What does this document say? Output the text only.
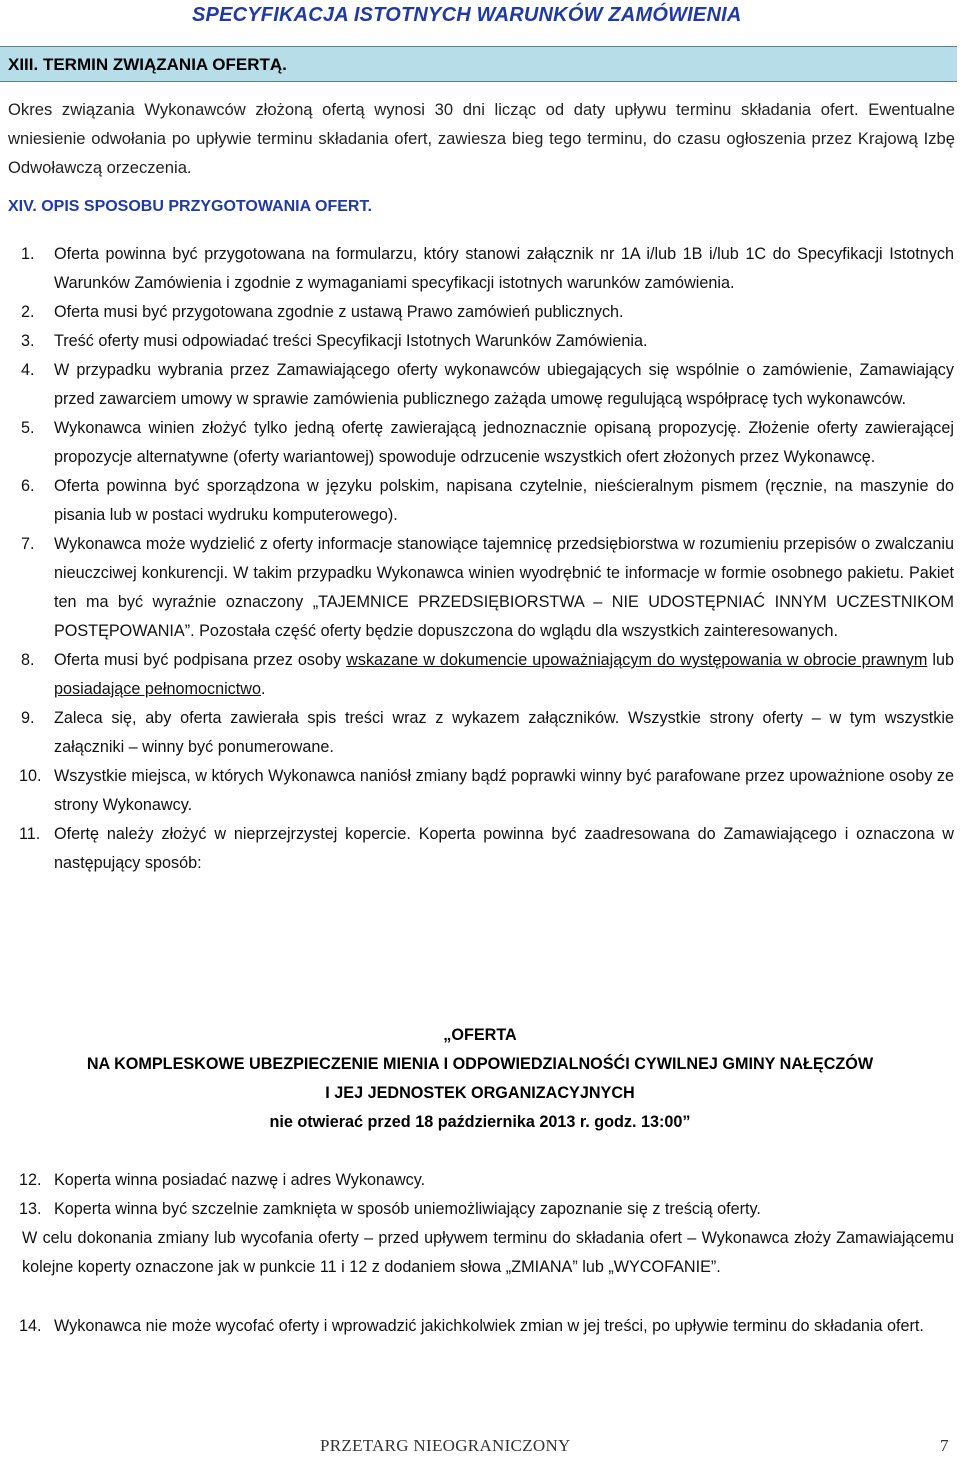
SPECYFIKACJA ISTOTNYCH WARUNKÓW ZAMÓWIENIA
XIII. TERMIN ZWIĄZANIA OFERTĄ.
Okres związania Wykonawców złożoną ofertą wynosi 30 dni licząc od daty upływu terminu składania ofert. Ewentualne wniesienie odwołania po upływie terminu składania ofert, zawiesza bieg tego terminu, do czasu ogłoszenia przez Krajową Izbę Odwoławczą orzeczenia.
XIV. OPIS SPOSOBU PRZYGOTOWANIA OFERT.
1. Oferta powinna być przygotowana na formularzu, który stanowi załącznik nr 1A i/lub 1B i/lub 1C do Specyfikacji Istotnych Warunków Zamówienia i zgodnie z wymaganiami specyfikacji istotnych warunków zamówienia.
2. Oferta musi być przygotowana zgodnie z ustawą Prawo zamówień publicznych.
3. Treść oferty musi odpowiadać treści Specyfikacji Istotnych Warunków Zamówienia.
4. W przypadku wybrania przez Zamawiającego oferty wykonawców ubiegających się wspólnie o zamówienie, Zamawiający przed zawarciem umowy w sprawie zamówienia publicznego zażąda umowę regulującą współpracę tych wykonawców.
5. Wykonawca winien złożyć tylko jedną ofertę zawierającą jednoznacznie opisaną propozycję. Złożenie oferty zawierającej propozycje alternatywne (oferty wariantowej) spowoduje odrzucenie wszystkich ofert złożonych przez Wykonawcę.
6. Oferta powinna być sporządzona w języku polskim, napisana czytelnie, nieścieralnym pismem (ręcznie, na maszynie do pisania lub w postaci wydruku komputerowego).
7. Wykonawca może wydzielić z oferty informacje stanowiące tajemnicę przedsiębiorstwa w rozumieniu przepisów o zwalczaniu nieuczciwej konkurencji. W takim przypadku Wykonawca winien wyodrębnić te informacje w formie osobnego pakietu. Pakiet ten ma być wyraźnie oznaczony „TAJEMNICE PRZEDSIĘBIORSTWA – NIE UDOSTĘPNIAĆ INNYM UCZESTNIKOM POSTĘPOWANIA”. Pozostała część oferty będzie dopuszczona do wglądu dla wszystkich zainteresowanych.
8. Oferta musi być podpisana przez osoby wskazane w dokumencie upoważniającym do występowania w obrocie prawnym lub posiadające pełnomocnictwo.
9. Zaleca się, aby oferta zawierała spis treści wraz z wykazem załączników. Wszystkie strony oferty – w tym wszystkie załączniki – winny być ponumerowane.
10. Wszystkie miejsca, w których Wykonawca naniósł zmiany bądź poprawki winny być parafowane przez upoważnione osoby ze strony Wykonawcy.
11. Ofertę należy złożyć w nieprzejrzystej kopercie. Koperta powinna być zaadresowana do Zamawiającego i oznaczona w następujący sposób:
„OFERTA
NA KOMPLESKOWE UBEZPIECZENIE MIENIA I ODPOWIEDZIALNOŚĆI CYWILNEJ GMINY NAŁĘCZÓW
I JEJ JEDNOSTEK ORGANIZACYJNYCH
nie otwierać przed 18 października 2013 r. godz. 13:00”
12. Koperta winna posiadać nazwę i adres Wykonawcy.
13. Koperta winna być szczelnie zamknięta w sposób uniemożliwiający zapoznanie się z treścią oferty.
W celu dokonania zmiany lub wycofania oferty – przed upływem terminu do składania ofert – Wykonawca złoży Zamawiającemu kolejne koperty oznaczone jak w punkcie 11 i 12 z dodaniem słowa „ZMIANA” lub „WYCOFANIE”.
14. Wykonawca nie może wycofać oferty i wprowadzić jakichkolwiek zmian w jej treści, po upływie terminu do składania ofert.
PRZETARG NIEOGRANICZONY	7
